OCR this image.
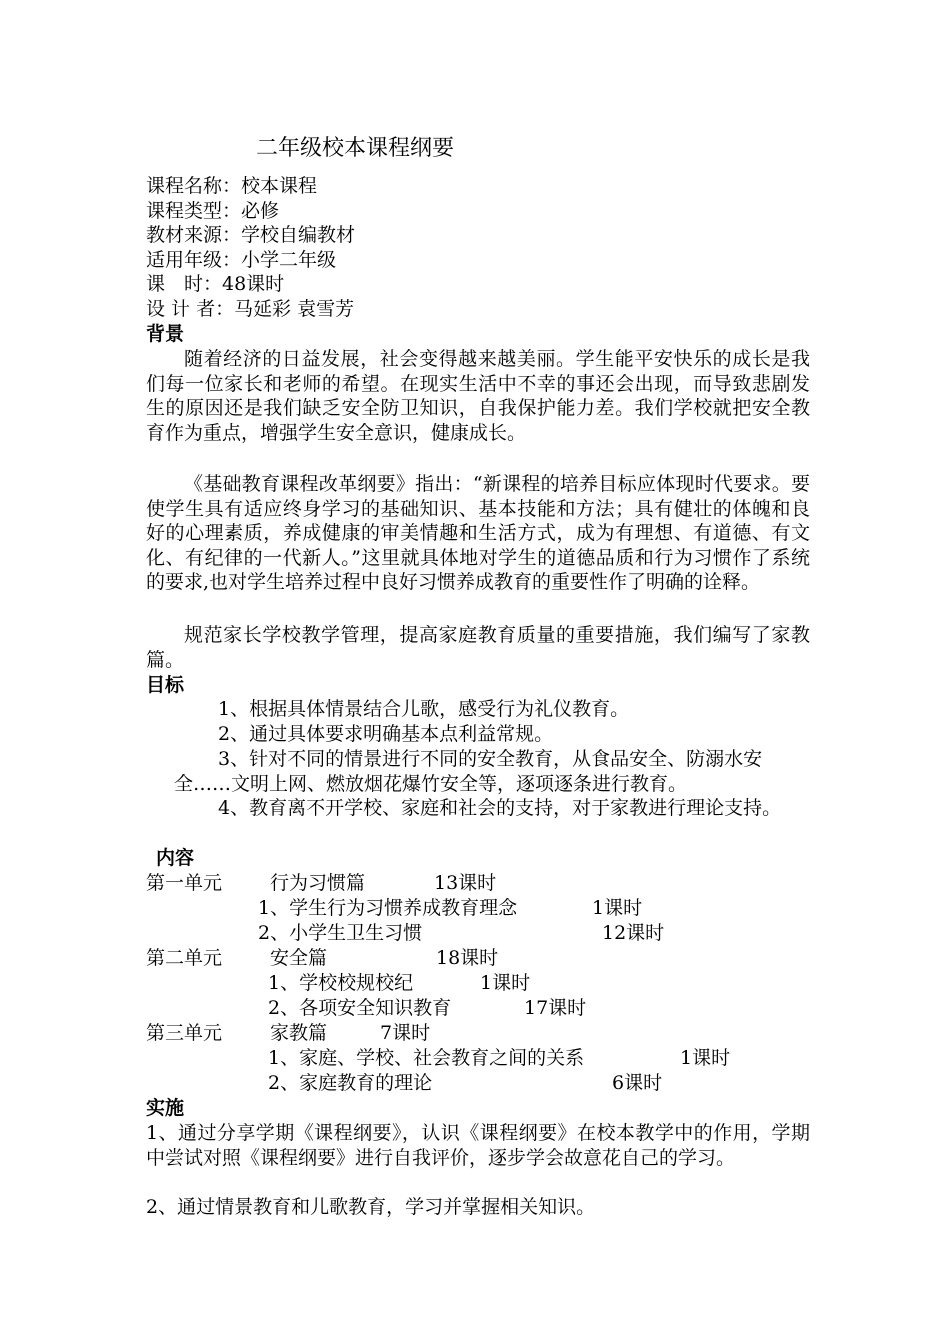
二年级校本课程纲要
课程名称：校本课程
课程类型：必修
教材来源：学校自编教材
适用年级：小学二年级
课　时：48课时
设 计 者：马延彩 袁雪芳
背景
随着经济的日益发展，社会变得越来越美丽。学生能平安快乐的成长是我们每一位家长和老师的希望。在现实生活中不幸的事还会出现，而导致悲剧发生的原因还是我们缺乏安全防卫知识，自我保护能力差。我们学校就把安全教育作为重点，增强学生安全意识，健康成长。
《基础教育课程改革纲要》指出：“新课程的培养目标应体现时代要求。要使学生具有适应终身学习的基础知识、基本技能和方法；具有健壮的体魄和良好的心理素质，养成健康的审美情趣和生活方式，成为有理想、有道德、有文化、有纪律的一代新人。”这里就具体地对学生的道德品质和行为习惯作了系统的要求,也对学生培养过程中良好习惯养成教育的重要性作了明确的诠释。
规范家长学校教学管理，提高家庭教育质量的重要措施，我们编写了家教篇。
目标
1、根据具体情景结合儿歌，感受行为礼仪教育。
2、通过具体要求明确基本点利益常规。
3、针对不同的情景进行不同的安全教育，从食品安全、防溺水安全……文明上网、燃放烟花爆竹安全等，逐项逐条进行教育。
4、教育离不开学校、家庭和社会的支持，对于家教进行理论支持。
内容
第一单元	行为习惯篇	13课时
1、学生行为习惯养成教育理念	1课时
2、小学生卫生习惯	12课时
第二单元	安全篇	18课时
1、学校校规校纪	1课时
2、各项安全知识教育	17课时
第三单元	家教篇	7课时
1、家庭、学校、社会教育之间的关系	1课时
2、家庭教育的理论	6课时
实施
1、通过分享学期《课程纲要》，认识《课程纲要》在校本教学中的作用，学期中尝试对照《课程纲要》进行自我评价，逐步学会故意花自己的学习。
2、通过情景教育和儿歌教育，学习并掌握相关知识。
